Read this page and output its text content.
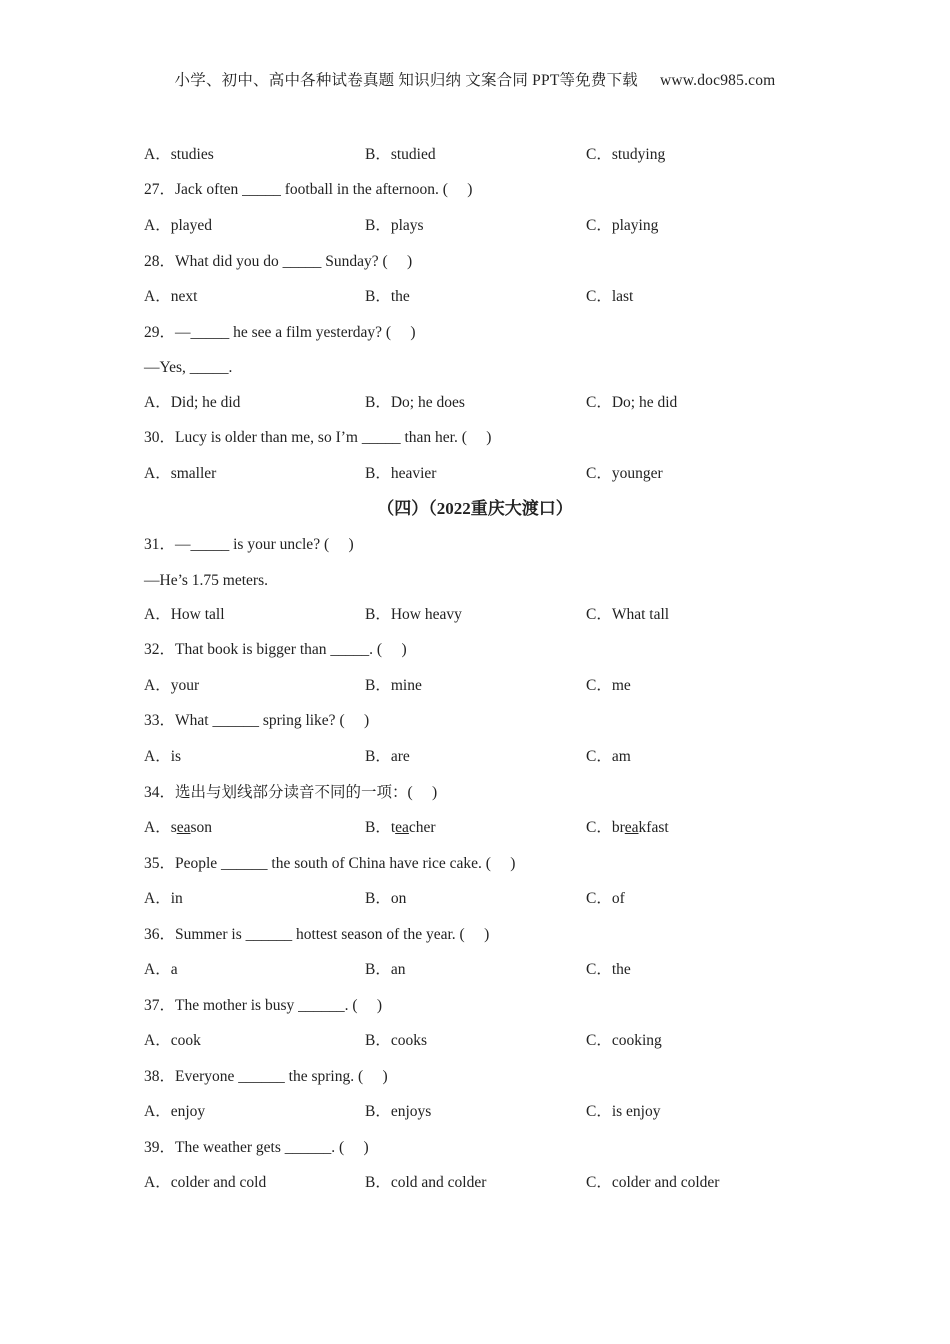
小学、初中、高中各种试卷真题 知识归纳 文案合同 PPT等免费下载 www.doc985.com
A．studies	B．studied	C．studying
27．Jack often _____ football in the afternoon. (     )
A．played	B．plays	C．playing
28．What did you do _____ Sunday? (     )
A．next	B．the	C．last
29．—_____ he see a film yesterday? (     )
—Yes, _____.
A．Did; he did	B．Do; he does	C．Do; he did
30．Lucy is older than me, so I’m _____ than her. (     )
A．smaller	B．heavier	C．younger
（四）（2022重庆大渡口）
31．—_____ is your uncle? (     )
—He’s 1.75 meters.
A．How tall	B．How heavy	C．What tall
32．That book is bigger than _____. (     )
A．your	B．mine	C．me
33．What ______ spring like? (     )
A．is	B．are	C．am
34．选出与划线部分读音不同的一项：(     )
A．season	B．teacher	C．breakfast
35．People ______ the south of China have rice cake. (     )
A．in	B．on	C．of
36．Summer is ______ hottest season of the year. (     )
A．a	B．an	C．the
37．The mother is busy ______. (     )
A．cook	B．cooks	C．cooking
38．Everyone ______ the spring. (     )
A．enjoy	B．enjoys	C．is enjoy
39．The weather gets ______. (     )
A．colder and cold	B．cold and colder	C．colder and colder
